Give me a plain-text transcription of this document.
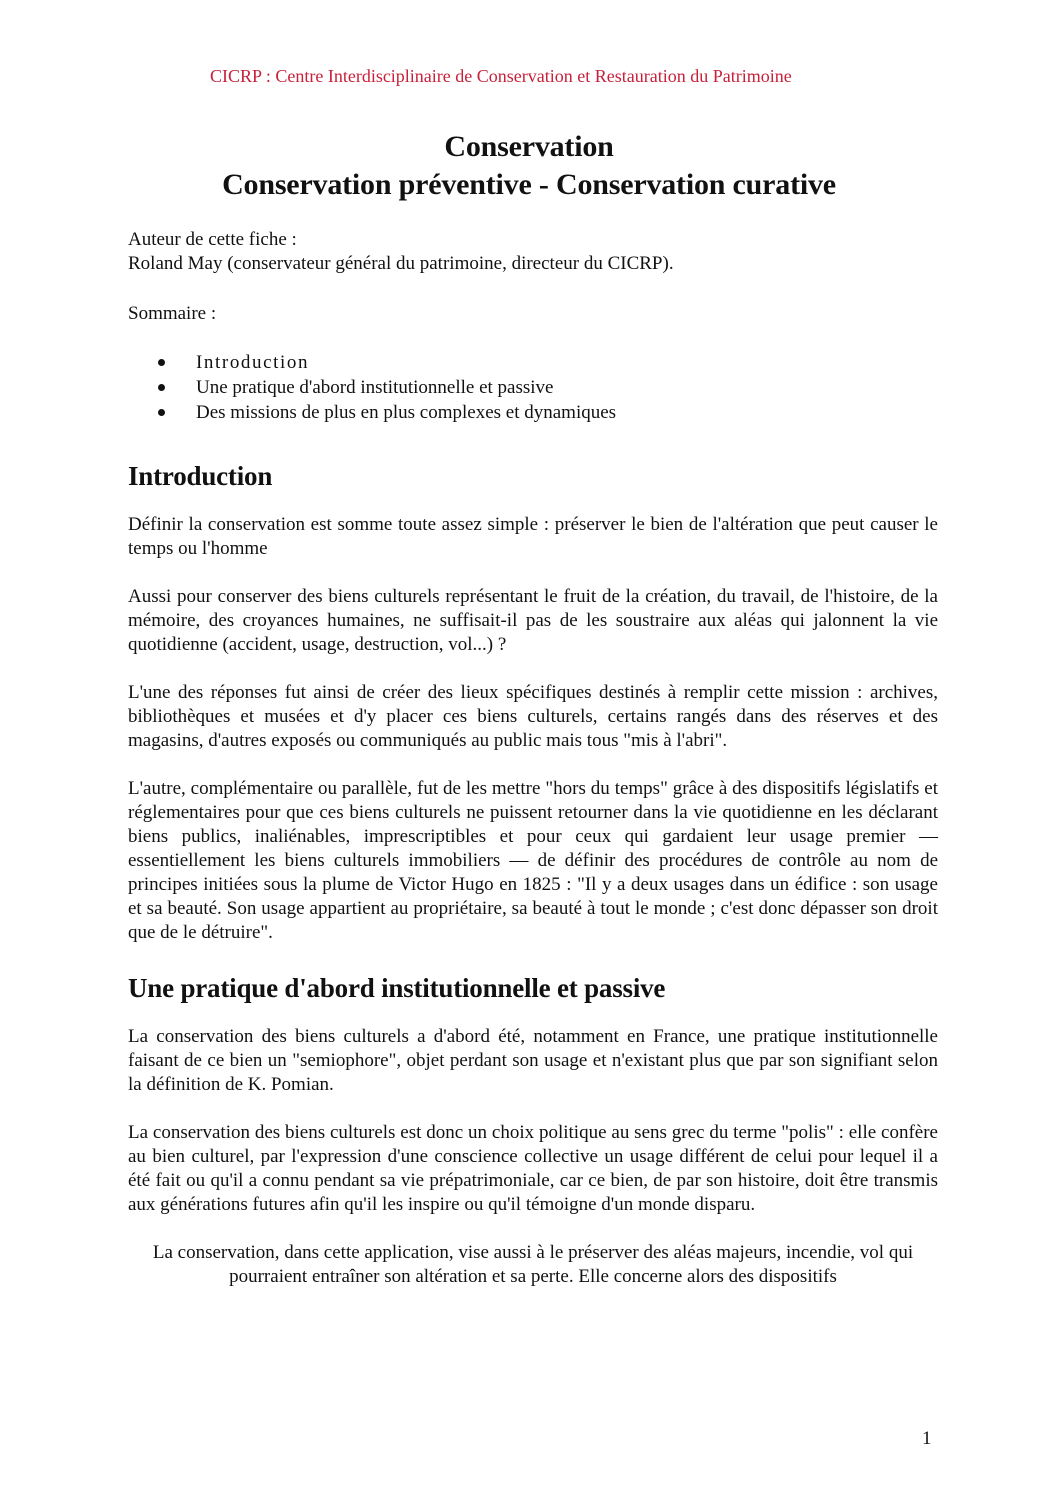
CICRP : Centre Interdisciplinaire de Conservation et Restauration du Patrimoine
Conservation
Conservation préventive - Conservation curative

Auteur de cette fiche :

Roland May (conservateur général du patrimoine, directeur du CICRP).

Sommaire :

Introduction
Une pratique d'abord institutionnelle et passive
Des missions de plus en plus complexes et dynamiques
Introduction

Définir la conservation est somme toute assez simple : préserver le bien de l'altération que peut causer le temps ou l'homme

Aussi pour conserver des biens culturels représentant le fruit de la création, du travail, de l'histoire, de la mémoire, des croyances humaines, ne suffisait-il pas de les soustraire aux aléas qui jalonnent la vie quotidienne (accident, usage, destruction, vol...) ?

L'une des réponses fut ainsi de créer des lieux spécifiques destinés à remplir cette mission : archives, bibliothèques et musées et d'y placer ces biens culturels, certains rangés dans des réserves et des magasins, d'autres exposés ou communiqués au public mais tous "mis à l'abri".

L'autre, complémentaire ou parallèle, fut de les mettre "hors du temps" grâce à des dispositifs législatifs et réglementaires pour que ces biens culturels ne puissent retourner dans la vie quotidienne en les déclarant biens publics, inaliénables, imprescriptibles et pour ceux qui gardaient leur usage premier — essentiellement les biens culturels immobiliers — de définir des procédures de contrôle au nom de principes initiées sous la plume de Victor Hugo en 1825 : "Il y a deux usages dans un édifice : son usage et sa beauté. Son usage appartient au propriétaire, sa beauté à tout le monde ; c'est donc dépasser son droit que de le détruire".

Une pratique d'abord institutionnelle et passive

La conservation des biens culturels a d'abord été, notamment en France, une pratique institutionnelle faisant de ce bien un "semiophore", objet perdant son usage et n'existant plus que par son signifiant selon la définition de K. Pomian.

La conservation des biens culturels est donc un choix politique au sens grec du terme "polis" : elle confère au bien culturel, par l'expression d'une conscience collective un usage différent de celui pour lequel il a été fait ou qu'il a connu pendant sa vie prépatrimoniale, car ce bien, de par son histoire, doit être transmis aux générations futures afin qu'il les inspire ou qu'il témoigne d'un monde disparu.

La conservation, dans cette application, vise aussi à le préserver des aléas majeurs, incendie, vol qui pourraient entraîner son altération et sa perte. Elle concerne alors des dispositifs

1
